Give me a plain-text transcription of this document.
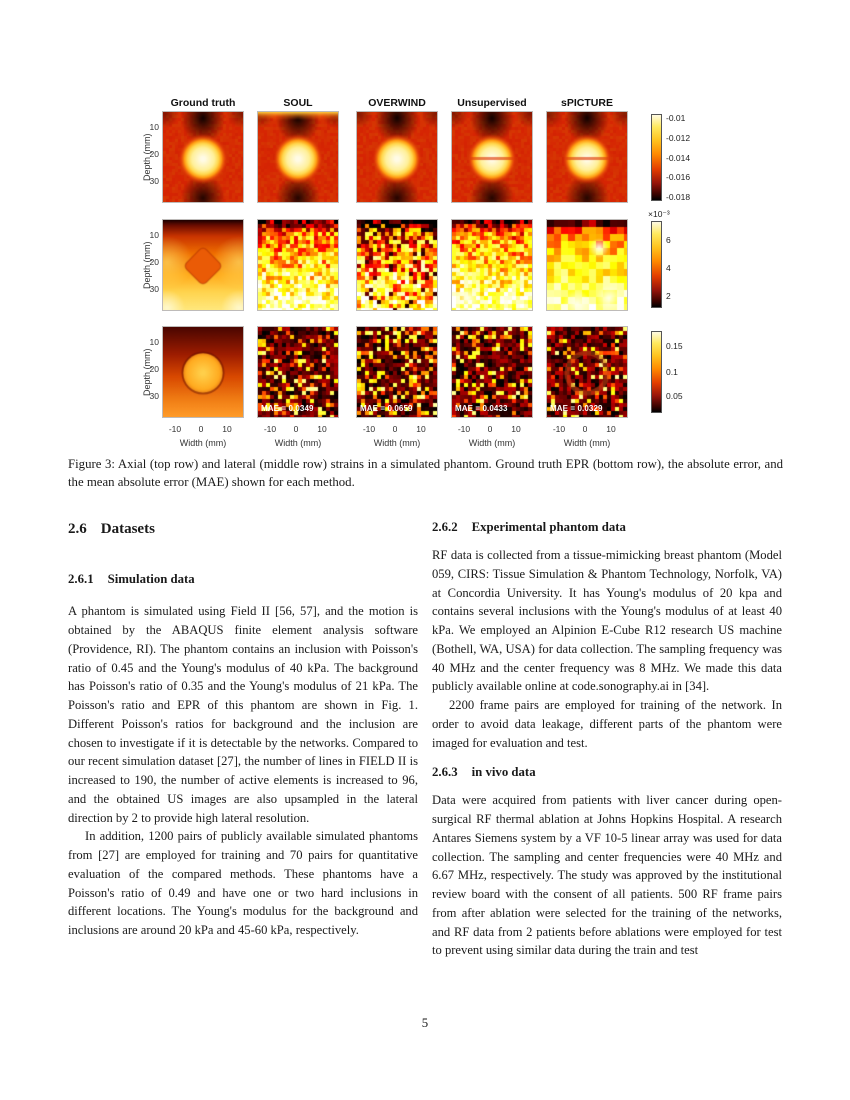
Ground truth	SOUL	OVERWIND	Unsupervised	sPICTURE
Depth (mm)
10
20
30
Depth (mm)
10
20
30
Depth (mm)
10
20
30
-10	0	10
Width (mm)
-10	0	10
Width (mm)
-10	0	10
Width (mm)
-10	0	10
Width (mm)
-10	0	10
Width (mm)
-0.01
-0.012
-0.014
-0.016
-0.018
6
4
2
×10⁻³
0.15
0.1
0.05
MAE = 0.0349	MAE = 0.0659	MAE = 0.0433	MAE = 0.0329

Figure 3: Axial (top row) and lateral (middle row) strains in a simulated phantom. Ground truth EPR (bottom row), the absolute error, and the mean absolute error (MAE) shown for each method.

2.6 Datasets
2.6.1 Simulation data

A phantom is simulated using Field II [56, 57], and the motion is obtained by the ABAQUS finite element analysis software (Providence, RI). The phantom contains an inclusion with Poisson's ratio of 0.45 and the Young's modulus of 40 kPa. The background has Poisson's ratio of 0.35 and the Young's modulus of 21 kPa. The Poisson's ratio and EPR of this phantom are shown in Fig. 1. Different Poisson's ratios for background and the inclusion are chosen to investigate if it is detectable by the networks. Compared to our recent simulation dataset [27], the number of lines in FIELD II is increased to 190, the number of active elements is increased to 96, and the obtained US images are also upsampled in the lateral direction by 2 to provide high lateral resolution.

In addition, 1200 pairs of publicly available simulated phantoms from [27] are employed for training and 70 pairs for quantitative evaluation of the compared methods. These phantoms have a Poisson's ratio of 0.49 and have one or two hard inclusions in different locations. The Young's modulus for the background and inclusions are around 20 kPa and 45-60 kPa, respectively.

2.6.2 Experimental phantom data

RF data is collected from a tissue-mimicking breast phantom (Model 059, CIRS: Tissue Simulation & Phantom Technology, Norfolk, VA) at Concordia University. It has Young's modulus of 20 kpa and contains several inclusions with the Young's modulus of at least 40 kPa. We employed an Alpinion E-Cube R12 research US machine (Bothell, WA, USA) for data collection. The sampling frequency was 40 MHz and the center frequency was 8 MHz. We made this data publicly available online at code.sonography.ai in [34].

2200 frame pairs are employed for training of the network. In order to avoid data leakage, different parts of the phantom were imaged for evaluation and test.

2.6.3 in vivo data

Data were acquired from patients with liver cancer during open-surgical RF thermal ablation at Johns Hopkins Hospital. A research Antares Siemens system by a VF 10-5 linear array was used for data collection. The sampling and center frequencies were 40 MHz and 6.67 MHz, respectively. The study was approved by the institutional review board with the consent of all patients. 500 RF frame pairs from after ablation were selected for the training of the networks, and RF data from 2 patients before ablations were employed for test to prevent using similar data during the train and test

5
